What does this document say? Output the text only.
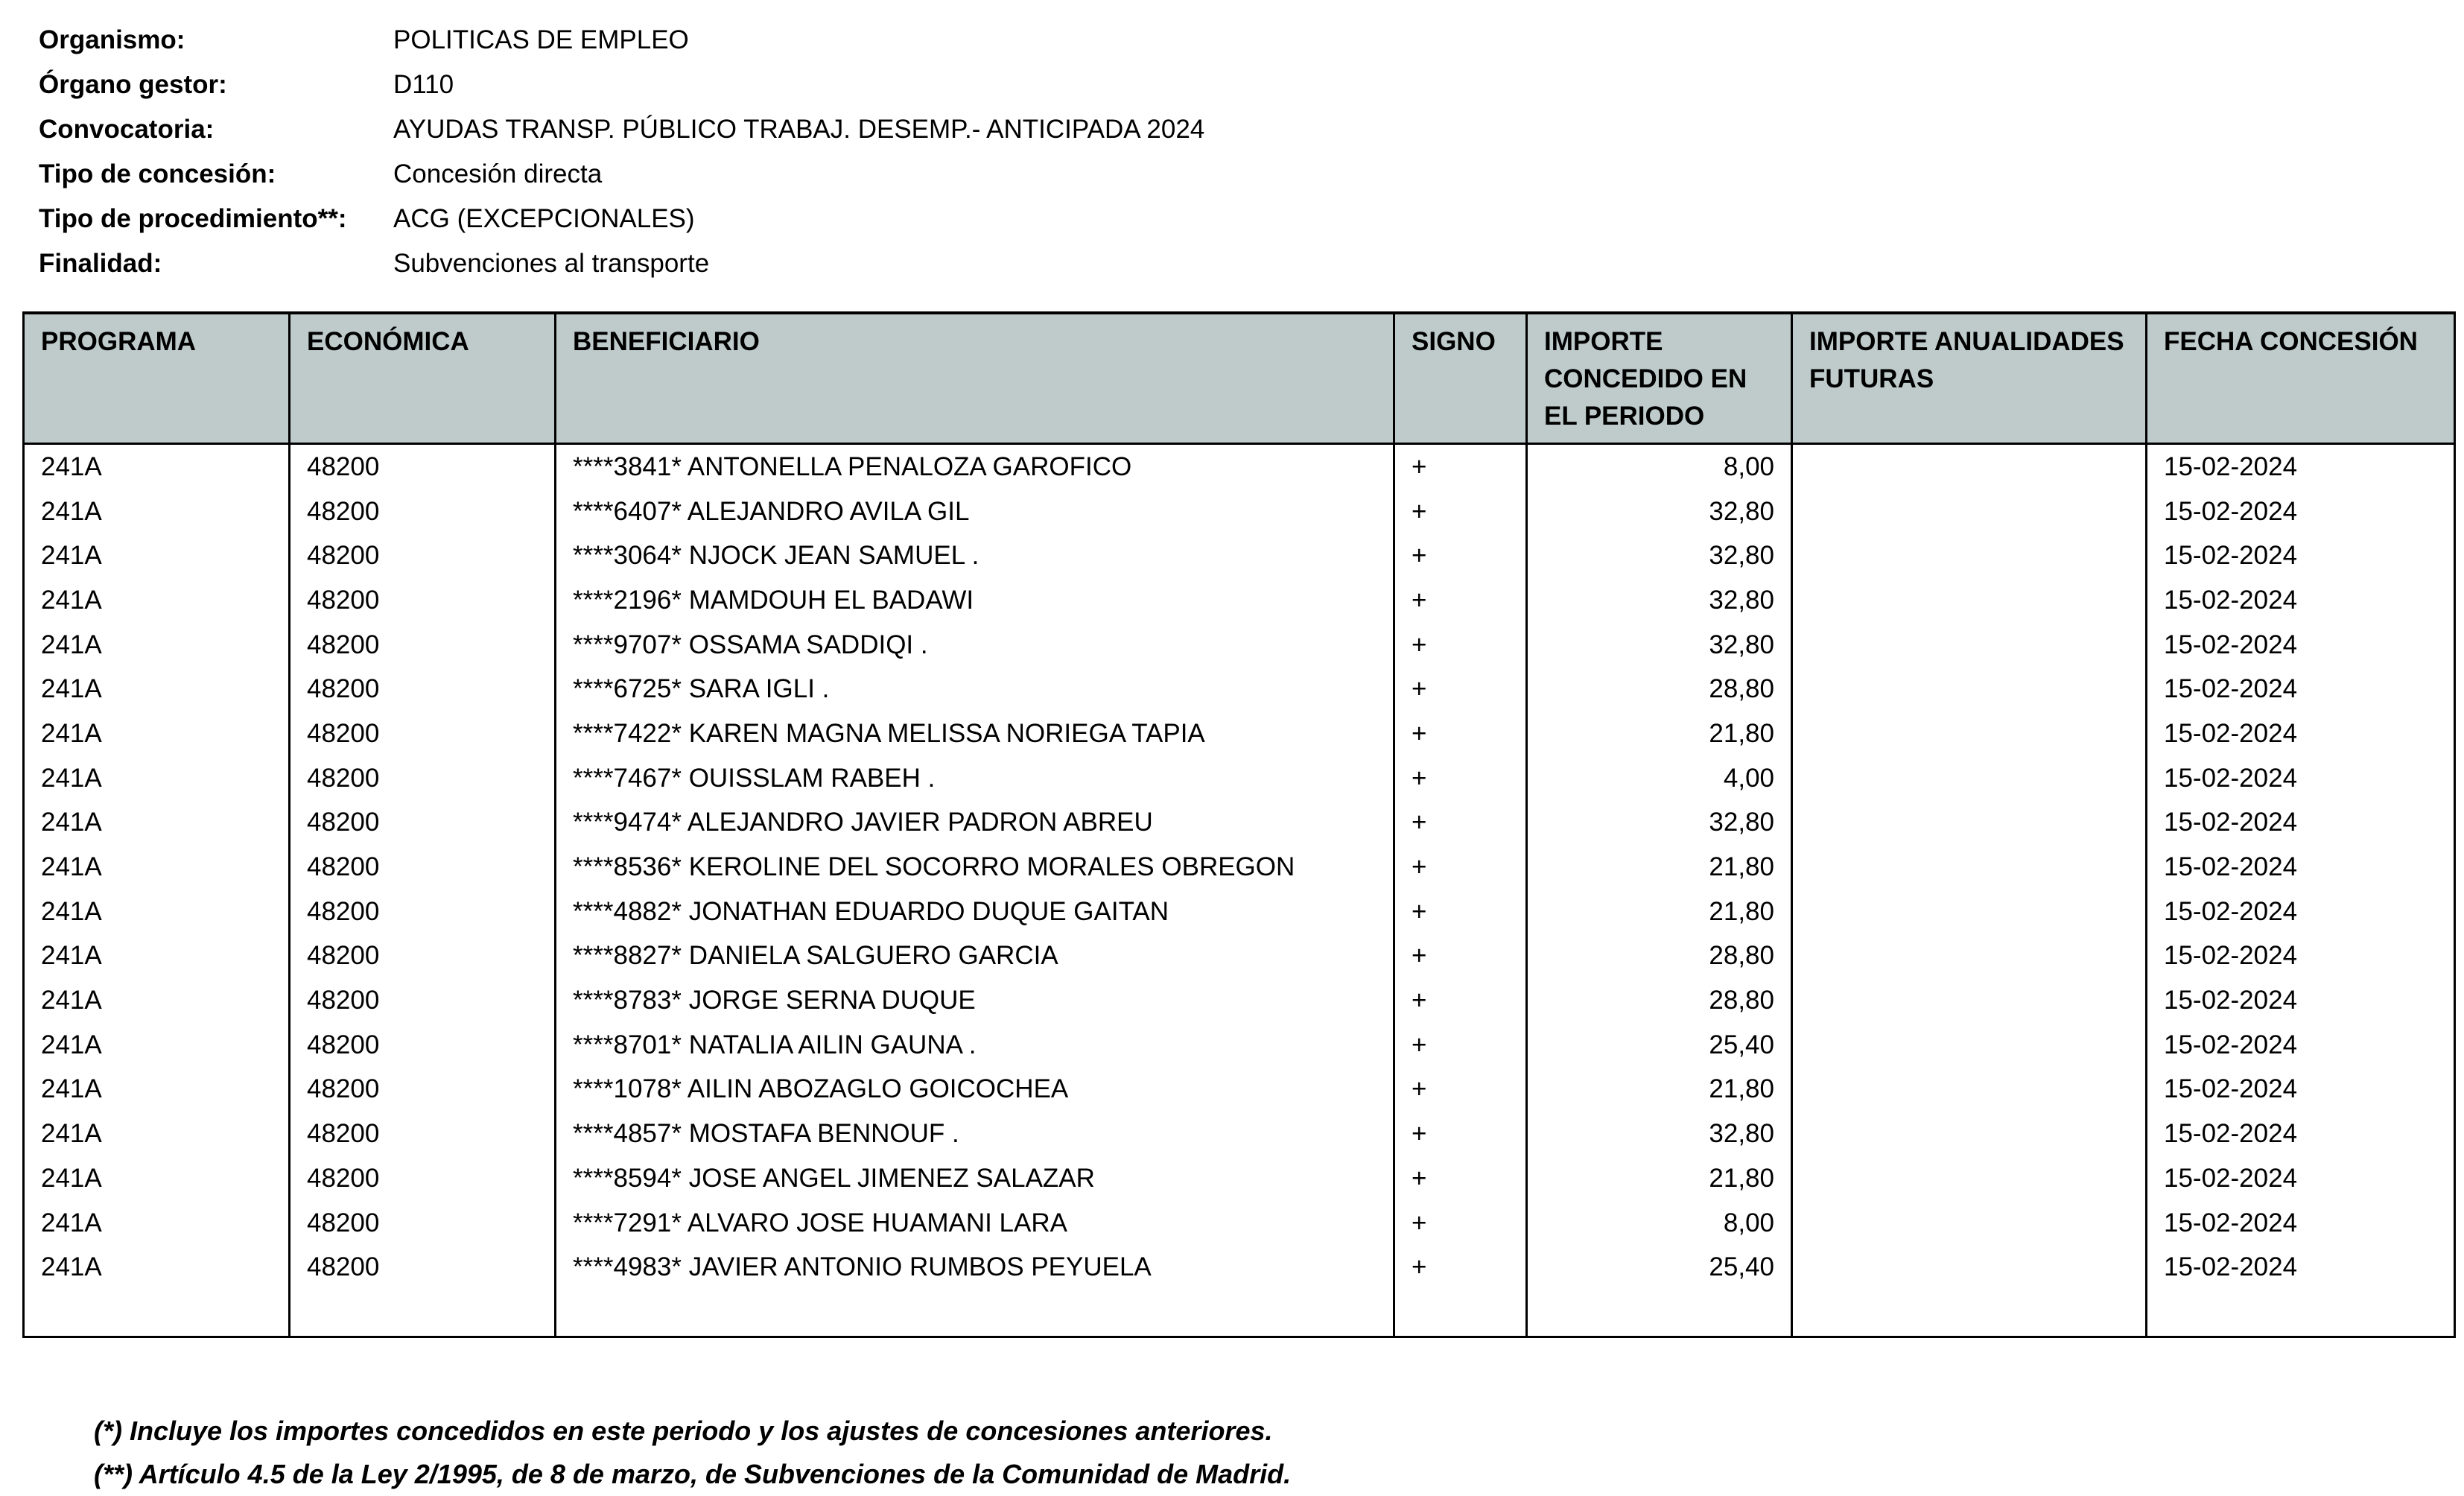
Organismo:	POLITICAS DE EMPLEO
Órgano gestor:	D110
Convocatoria:	AYUDAS TRANSP. PÚBLICO TRABAJ. DESEMP.- ANTICIPADA 2024
Tipo de concesión:	Concesión directa
Tipo de procedimiento**:	ACG (EXCEPCIONALES)
Finalidad:	Subvenciones al transporte
PROGRAMA	ECONÓMICA	BENEFICIARIO	SIGNO	IMPORTE CONCEDIDO EN EL PERIODO	IMPORTE ANUALIDADES FUTURAS	FECHA CONCESIÓN
241A	48200	****3841* ANTONELLA PENALOZA GAROFICO	+	8,00		15-02-2024
241A	48200	****6407* ALEJANDRO AVILA GIL	+	32,80		15-02-2024
241A	48200	****3064* NJOCK JEAN SAMUEL .	+	32,80		15-02-2024
241A	48200	****2196* MAMDOUH EL BADAWI	+	32,80		15-02-2024
241A	48200	****9707* OSSAMA SADDIQI .	+	32,80		15-02-2024
241A	48200	****6725* SARA IGLI .	+	28,80		15-02-2024
241A	48200	****7422* KAREN MAGNA MELISSA NORIEGA TAPIA	+	21,80		15-02-2024
241A	48200	****7467* OUISSLAM RABEH .	+	4,00		15-02-2024
241A	48200	****9474* ALEJANDRO JAVIER PADRON ABREU	+	32,80		15-02-2024
241A	48200	****8536* KEROLINE DEL SOCORRO MORALES OBREGON	+	21,80		15-02-2024
241A	48200	****4882* JONATHAN EDUARDO DUQUE GAITAN	+	21,80		15-02-2024
241A	48200	****8827* DANIELA SALGUERO GARCIA	+	28,80		15-02-2024
241A	48200	****8783* JORGE SERNA DUQUE	+	28,80		15-02-2024
241A	48200	****8701* NATALIA AILIN GAUNA .	+	25,40		15-02-2024
241A	48200	****1078* AILIN ABOZAGLO GOICOCHEA	+	21,80		15-02-2024
241A	48200	****4857* MOSTAFA BENNOUF .	+	32,80		15-02-2024
241A	48200	****8594* JOSE ANGEL JIMENEZ SALAZAR	+	21,80		15-02-2024
241A	48200	****7291* ALVARO JOSE HUAMANI LARA	+	8,00		15-02-2024
241A	48200	****4983* JAVIER ANTONIO RUMBOS PEYUELA	+	25,40		15-02-2024

(*) Incluye los importes concedidos en este periodo y los ajustes de concesiones anteriores.
(**) Artículo 4.5 de la Ley 2/1995, de 8 de marzo, de Subvenciones de la Comunidad de Madrid.
